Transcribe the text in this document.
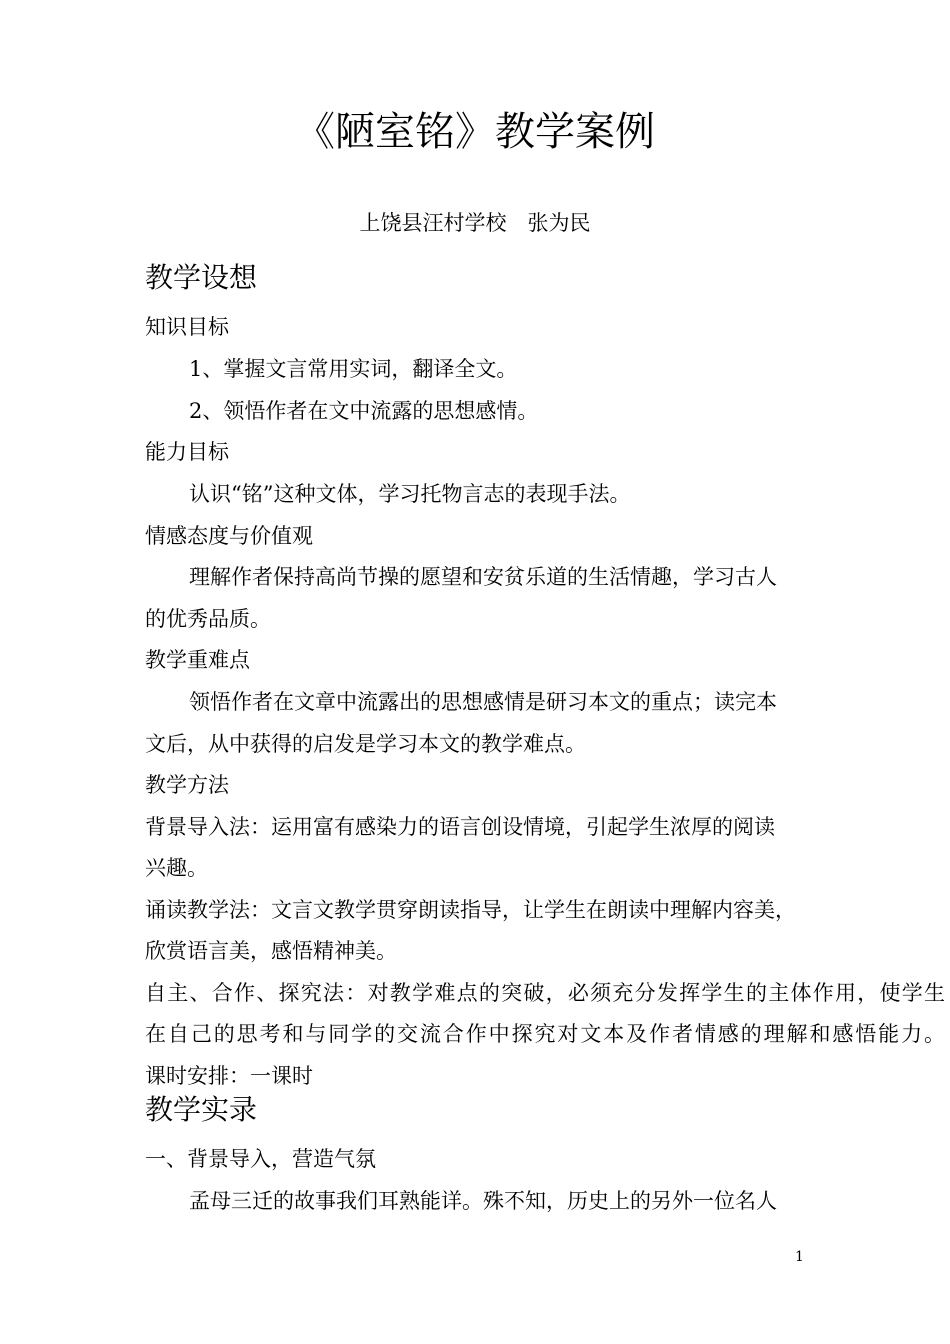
《陋室铭》教学案例
上饶县汪村学校　张为民
教学设想
知识目标
1、掌握文言常用实词，翻译全文。
2、领悟作者在文中流露的思想感情。
能力目标
认识“铭”这种文体，学习托物言志的表现手法。
情感态度与价值观
理解作者保持高尚节操的愿望和安贫乐道的生活情趣，学习古人
的优秀品质。
教学重难点
领悟作者在文章中流露出的思想感情是研习本文的重点；读完本
文后，从中获得的启发是学习本文的教学难点。
教学方法
背景导入法：运用富有感染力的语言创设情境，引起学生浓厚的阅读
兴趣。
诵读教学法：文言文教学贯穿朗读指导，让学生在朗读中理解内容美，
欣赏语言美，感悟精神美。
自主、合作、探究法：对教学难点的突破，必须充分发挥学生的主体作用，使学生
在自己的思考和与同学的交流合作中探究对文本及作者情感的理解和感悟能力。
课时安排：一课时
教学实录
一、背景导入，营造气氛
孟母三迁的故事我们耳熟能详。殊不知，历史上的另外一位名人
1
